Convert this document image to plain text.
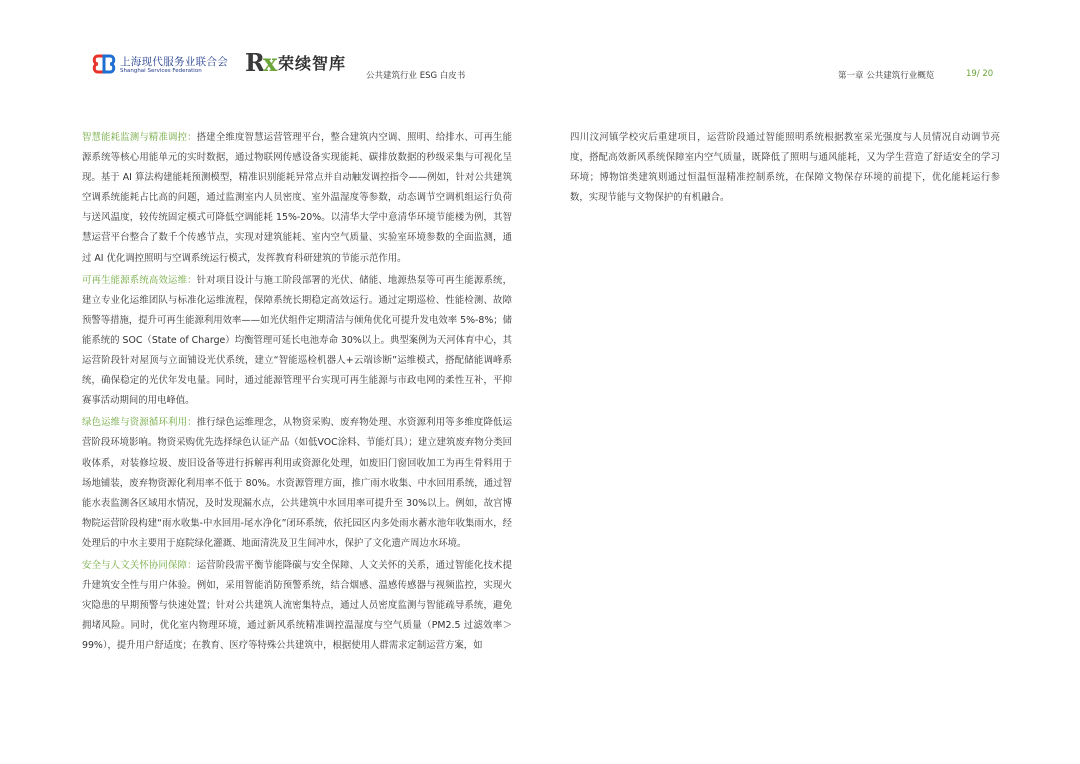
上海现代服务业联合会
Shanghai Services Federation Rx 荣续智库
公共建筑行业 ESG 白皮书	第一章 公共建筑行业概览	19/ 20

智慧能耗监测与精准调控：搭建全维度智慧运营管理平台，整合建筑内空调、照明、给排水、可再生能源系统等核心用能单元的实时数据，通过物联网传感设备实现能耗、碳排放数据的秒级采集与可视化呈现。基于 AI 算法构建能耗预测模型，精准识别能耗异常点并自动触发调控指令——例如，针对公共建筑空调系统能耗占比高的问题，通过监测室内人员密度、室外温湿度等参数，动态调节空调机组运行负荷与送风温度，较传统固定模式可降低空调能耗 15%-20%。以清华大学中意清华环境节能楼为例，其智慧运营平台整合了数千个传感节点，实现对建筑能耗、室内空气质量、实验室环境参数的全面监测，通过 AI 优化调控照明与空调系统运行模式，发挥教育科研建筑的节能示范作用。

可再生能源系统高效运维：针对项目设计与施工阶段部署的光伏、储能、地源热泵等可再生能源系统，建立专业化运维团队与标准化运维流程，保障系统长期稳定高效运行。通过定期巡检、性能检测、故障预警等措施，提升可再生能源利用效率——如光伏组件定期清洁与倾角优化可提升发电效率 5%-8%；储能系统的 SOC（State of Charge）均衡管理可延长电池寿命 30%以上。典型案例为天河体育中心，其运营阶段针对屋顶与立面铺设光伏系统，建立“智能巡检机器人+云端诊断”运维模式，搭配储能调峰系统，确保稳定的光伏年发电量。同时，通过能源管理平台实现可再生能源与市政电网的柔性互补，平抑赛事活动期间的用电峰值。

绿色运维与资源循环利用：推行绿色运维理念，从物资采购、废弃物处理、水资源利用等多维度降低运营阶段环境影响。物资采购优先选择绿色认证产品（如低VOC涂料、节能灯具）；建立建筑废弃物分类回收体系，对装修垃圾、废旧设备等进行拆解再利用或资源化处理，如废旧门窗回收加工为再生骨料用于场地铺装，废弃物资源化利用率不低于 80%。水资源管理方面，推广雨水收集、中水回用系统，通过智能水表监测各区域用水情况，及时发现漏水点，公共建筑中水回用率可提升至 30%以上。例如，故宫博物院运营阶段构建“雨水收集-中水回用-尾水净化”闭环系统，依托园区内多处雨水蓄水池年收集雨水，经处理后的中水主要用于庭院绿化灌溉、地面清洗及卫生间冲水，保护了文化遗产周边水环境。

安全与人文关怀协同保障：运营阶段需平衡节能降碳与安全保障、人文关怀的关系，通过智能化技术提升建筑安全性与用户体验。例如，采用智能消防预警系统，结合烟感、温感传感器与视频监控，实现火灾隐患的早期预警与快速处置；针对公共建筑人流密集特点，通过人员密度监测与智能疏导系统，避免拥堵风险。同时，优化室内物理环境，通过新风系统精准调控温湿度与空气质量（PM2.5 过滤效率＞99%），提升用户舒适度；在教育、医疗等特殊公共建筑中，根据使用人群需求定制运营方案，如

四川汶河镇学校灾后重建项目，运营阶段通过智能照明系统根据教室采光强度与人员情况自动调节亮度，搭配高效新风系统保障室内空气质量，既降低了照明与通风能耗，又为学生营造了舒适安全的学习环境；博物馆类建筑则通过恒温恒湿精准控制系统，在保障文物保存环境的前提下，优化能耗运行参数，实现节能与文物保护的有机融合。
